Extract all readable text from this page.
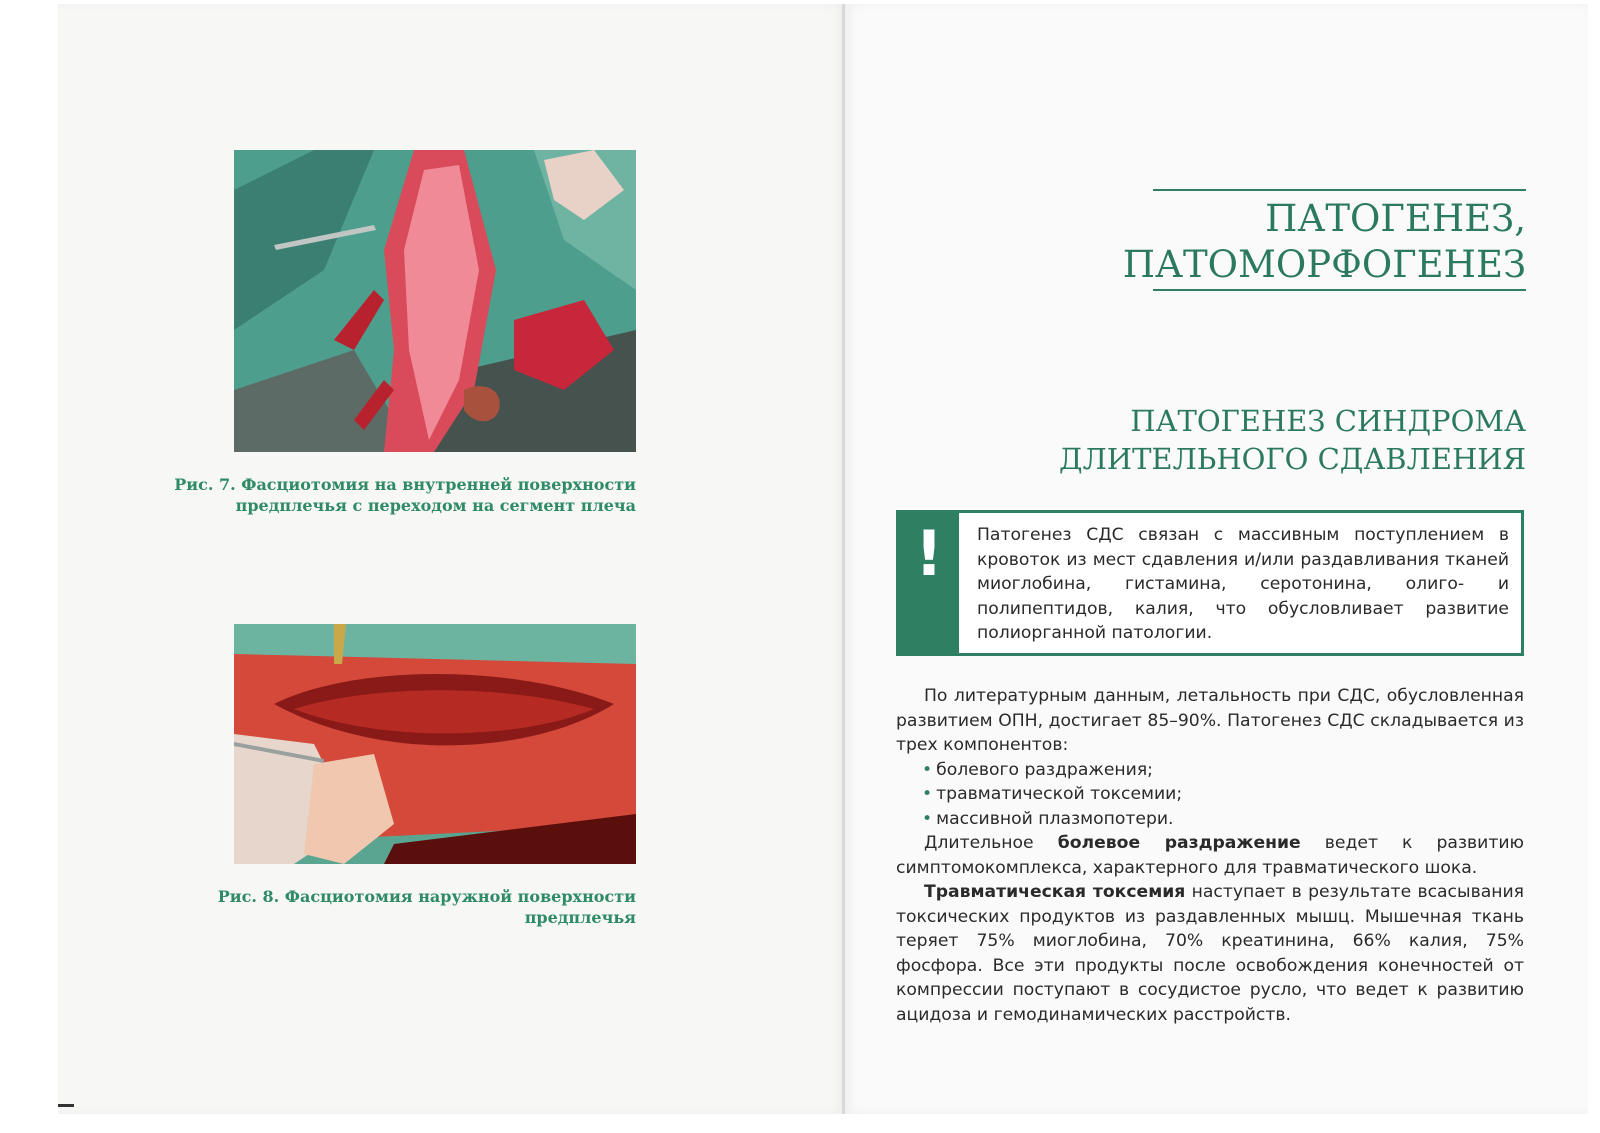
Рис. 7. Фасциотомия на внутренней поверхности
предплечья с переходом на сегмент плеча
Рис. 8. Фасциотомия наружной поверхности
предплечья
ПАТОГЕНЕЗ,
ПАТОМОРФОГЕНЕЗ
ПАТОГЕНЕЗ СИНДРОМА
ДЛИТЕЛЬНОГО СДАВЛЕНИЯ
!	Патогенез СДС связан с массивным поступлением в кровоток из мест сдавления и/или раздавливания тканей миоглобина, гистамина, серотонина, олиго- и полипептидов, калия, что обусловливает развитие полиорганной патологии.

По литературным данным, летальность при СДС, обусловленная развитием ОПН, достигает 85–90%. Патогенез СДС складывается из трех компонентов:

• болевого раздражения;
• травматической токсемии;
• массивной плазмопотери.

Длительное болевое раздражение ведет к развитию симптомокомплекса, характерного для травматического шока.

Травматическая токсемия наступает в результате всасывания токсических продуктов из раздавленных мышц. Мышечная ткань теряет 75% миоглобина, 70% креатинина, 66% калия, 75% фосфора. Все эти продукты после освобождения конечностей от компрессии поступают в сосудистое русло, что ведет к развитию ацидоза и гемодинамических расстройств.
